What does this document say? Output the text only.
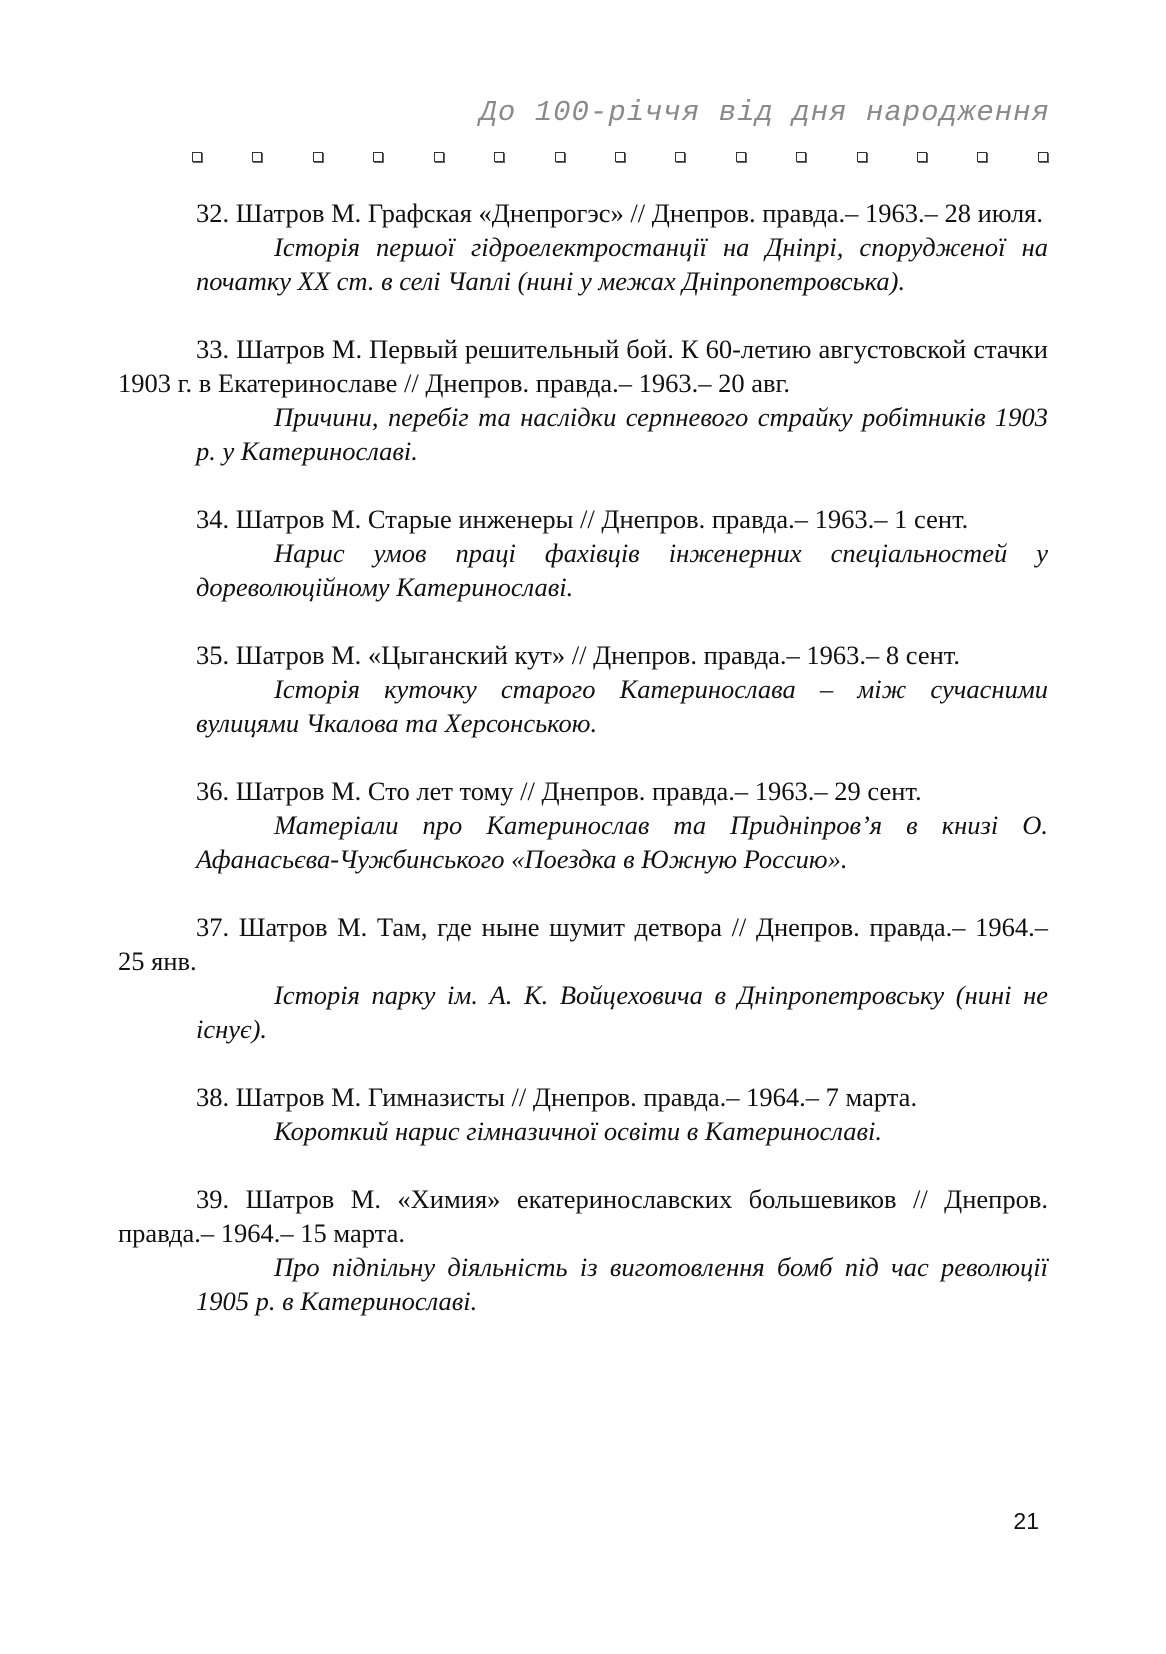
До 100-річчя від дня народження
32. Шатров М. Графская «Днепрогэс» // Днепров. правда.– 1963.– 28 июля.
Історія першої гідроелектростанції на Дніпрі, спорудженої на початку XX ст. в селі Чаплі (нині у межах Дніпропетровська).
33. Шатров М. Первый решительный бой. К 60-летию августовской стачки 1903 г. в Екатеринославе // Днепров. правда.– 1963.– 20 авг.
Причини, перебіг та наслідки серпневого страйку робітників 1903 р. у Катеринославі.
34. Шатров М. Старые инженеры // Днепров. правда.– 1963.– 1 сент.
Нарис умов праці фахівців інженерних спеціальностей у дореволюційному Катеринославі.
35. Шатров М. «Цыганский кут» // Днепров. правда.– 1963.– 8 сент.
Історія куточку старого Катеринослава – між сучасними вулицями Чкалова та Херсонською.
36. Шатров М. Сто лет тому // Днепров. правда.– 1963.– 29 сент.
Матеріали про Катеринослав та Придніпров’я в книзі О. Афанасьєва-Чужбинського «Поездка в Южную Россию».
37. Шатров М. Там, где ныне шумит детвора // Днепров. правда.– 1964.– 25 янв.
Історія парку ім. А. К. Войцеховича в Дніпропетровську (нині не існує).
38. Шатров М. Гимназисты // Днепров. правда.– 1964.– 7 марта.
Короткий нарис гімназичної освіти в Катеринославі.
39. Шатров М. «Химия» екатеринославских большевиков // Днепров. правда.– 1964.– 15 марта.
Про підпільну діяльність із виготовлення бомб під час революції 1905 р. в Катеринославі.
21
